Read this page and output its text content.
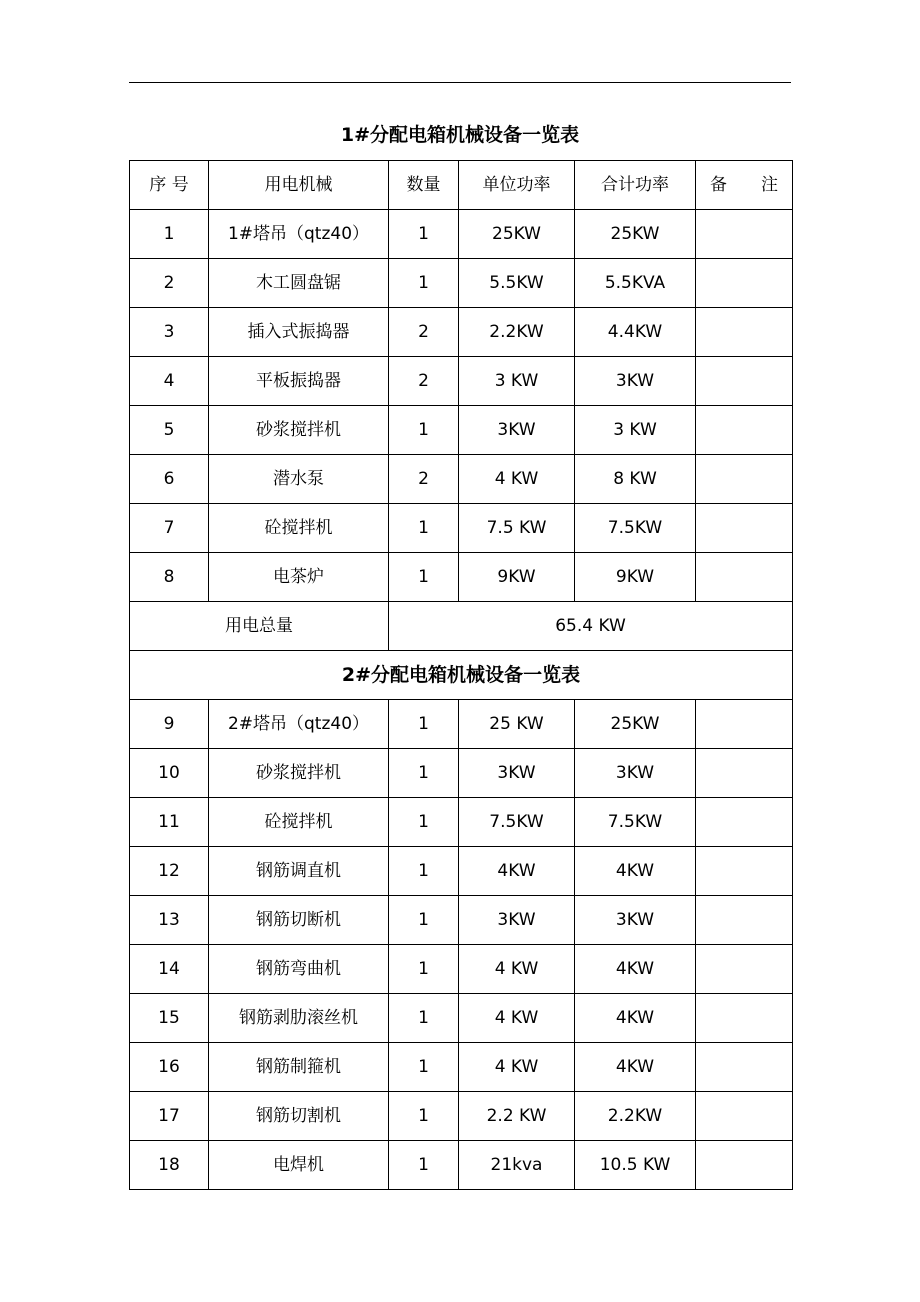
1#分配电箱机械设备一览表
序 号	用电机械	数量	单位功率	合计功率	备　　注
1	1#塔吊（qtz40）	1	25KW	25KW	
2	木工圆盘锯	1	5.5KW	5.5KVA	
3	插入式振捣器	2	2.2KW	4.4KW	
4	平板振捣器	2	3 KW	3KW	
5	砂浆搅拌机	1	3KW	3 KW	
6	潜水泵	2	4 KW	8 KW	
7	砼搅拌机	1	7.5 KW	7.5KW	
8	电茶炉	1	9KW	9KW	
用电总量		65.4 KW			
2#分配电箱机械设备一览表					
9	2#塔吊（qtz40）	1	25 KW	25KW	
10	砂浆搅拌机	1	3KW	3KW	
11	砼搅拌机	1	7.5KW	7.5KW	
12	钢筋调直机	1	4KW	4KW	
13	钢筋切断机	1	3KW	3KW	
14	钢筋弯曲机	1	4 KW	4KW	
15	钢筋剥肋滚丝机	1	4 KW	4KW	
16	钢筋制箍机	1	4 KW	4KW	
17	钢筋切割机	1	2.2 KW	2.2KW	
18	电焊机	1	21kva	10.5 KW	
